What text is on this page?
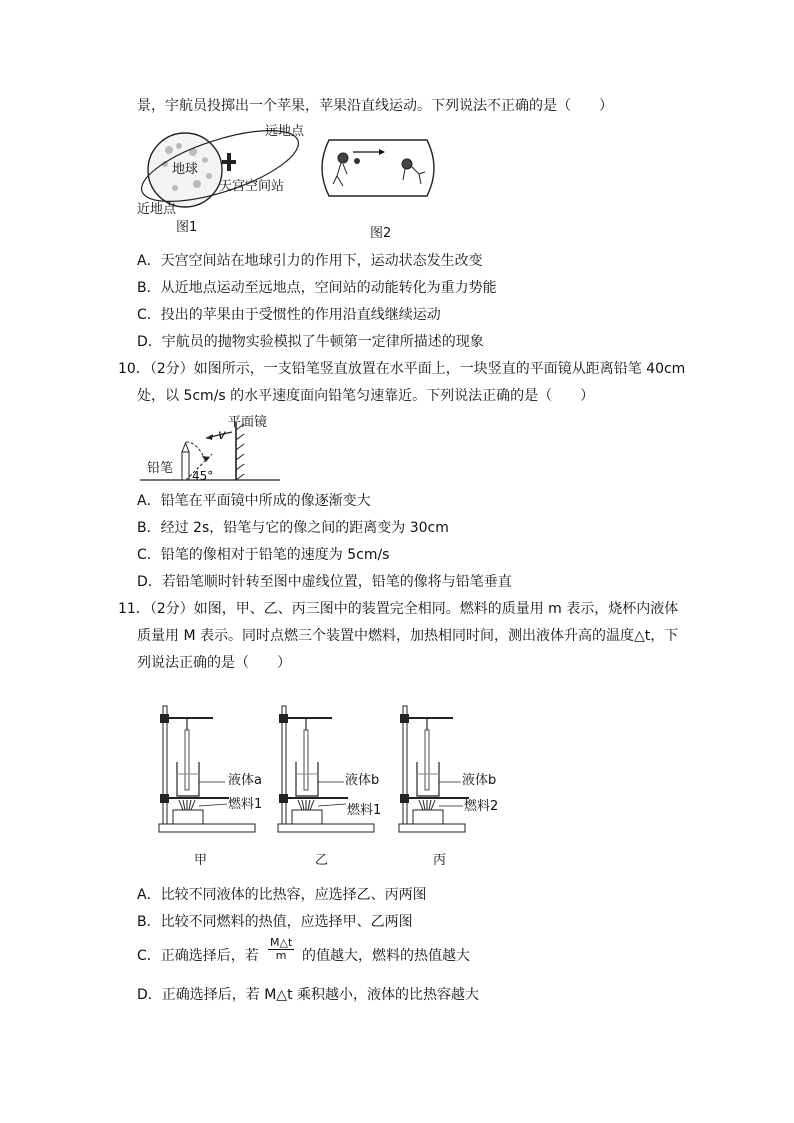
景，宇航员投掷出一个苹果，苹果沿直线运动。下列说法不正确的是（　　）
远地点
地球
天宫空间站
近地点
图1	图2
A．天宫空间站在地球引力的作用下，运动状态发生改变
B．从近地点运动至远地点，空间站的动能转化为重力势能
C．投出的苹果由于受惯性的作用沿直线继续运动
D．宇航员的抛物实验模拟了牛顿第一定律所描述的现象
10．（2分）如图所示，一支铅笔竖直放置在水平面上，一块竖直的平面镜从距离铅笔 40cm
处，以 5cm/s 的水平速度面向铅笔匀速靠近。下列说法正确的是（　　）
平面镜
v
铅笔 45°
A．铅笔在平面镜中所成的像逐渐变大
B．经过 2s，铅笔与它的像之间的距离变为 30cm
C．铅笔的像相对于铅笔的速度为 5cm/s
D．若铅笔顺时针转至图中虚线位置，铅笔的像将与铅笔垂直
11．（2分）如图，甲、乙、丙三图中的装置完全相同。燃料的质量用 m 表示，烧杯内液体
质量用 M 表示。同时点燃三个装置中燃料，加热相同时间，测出液体升高的温度△t，下
列说法正确的是（　　）
液体a
燃料1
甲
液体b
燃料1
乙
液体b
燃料2
丙
A．比较不同液体的比热容，应选择乙、丙两图
B．比较不同燃料的热值，应选择甲、乙两图
C．正确选择后，若 $\frac{M\triangle t}{m}$ 的值越大，燃料的热值越大
D．正确选择后，若 M△t 乘积越小，液体的比热容越大
